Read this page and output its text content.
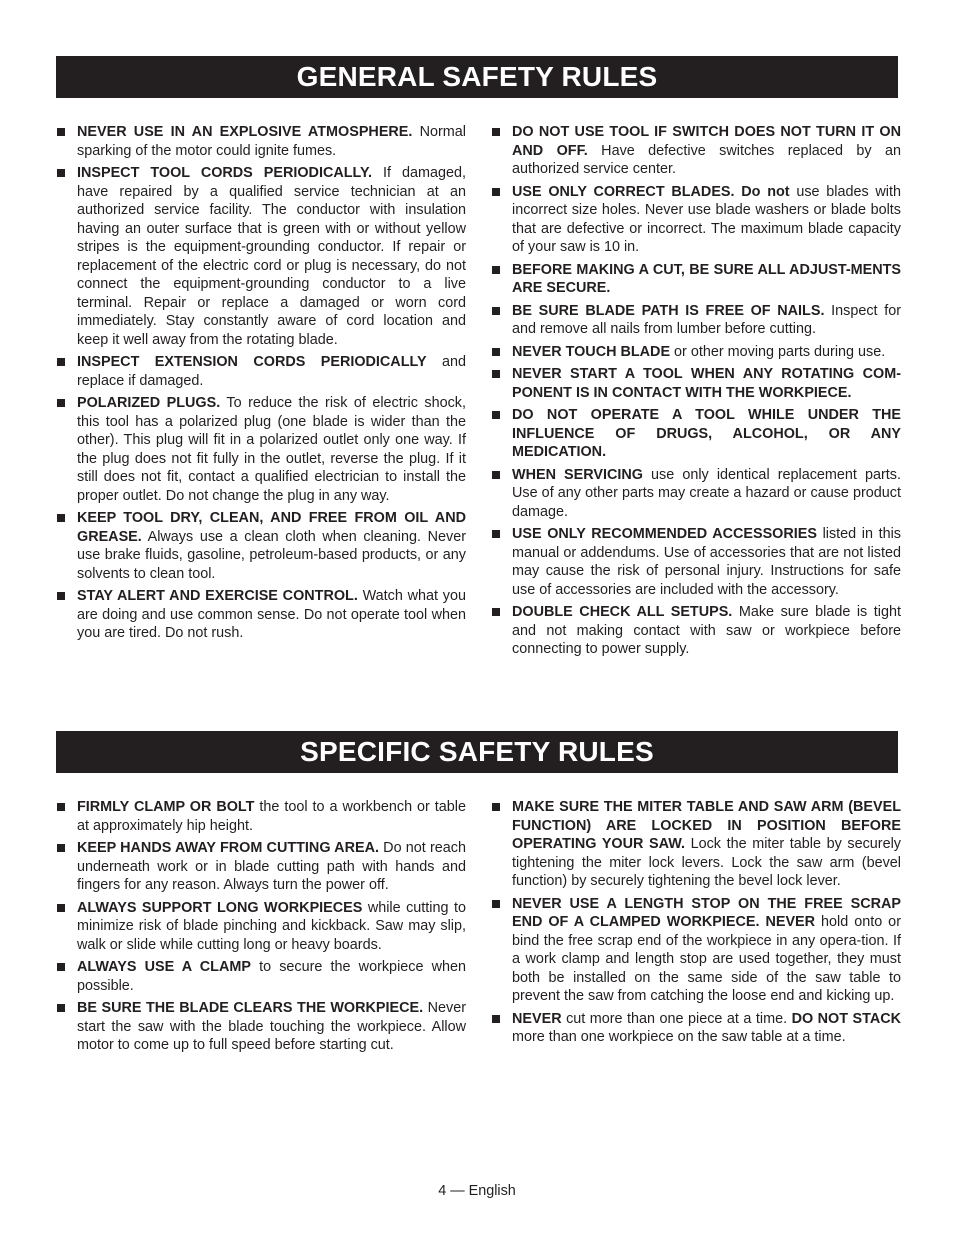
GENERAL SAFETY RULES
NEVER USE IN AN EXPLOSIVE ATMOSPHERE. Normal sparking of the motor could ignite fumes.
INSPECT TOOL CORDS PERIODICALLY. If damaged, have repaired by a qualified service technician at an authorized service facility. The conductor with insulation having an outer surface that is green with or without yellow stripes is the equipment-grounding conductor. If repair or replacement of the electric cord or plug is necessary, do not connect the equipment-grounding conductor to a live terminal. Repair or replace a damaged or worn cord immediately. Stay constantly aware of cord location and keep it well away from the rotating blade.
INSPECT EXTENSION CORDS PERIODICALLY and replace if damaged.
POLARIZED PLUGS. To reduce the risk of electric shock, this tool has a polarized plug (one blade is wider than the other). This plug will fit in a polarized outlet only one way. If the plug does not fit fully in the outlet, reverse the plug. If it still does not fit, contact a qualified electrician to install the proper outlet. Do not change the plug in any way.
KEEP TOOL DRY, CLEAN, AND FREE FROM OIL AND GREASE. Always use a clean cloth when cleaning. Never use brake fluids, gasoline, petroleum-based products, or any solvents to clean tool.
STAY ALERT AND EXERCISE CONTROL. Watch what you are doing and use common sense. Do not operate tool when you are tired. Do not rush.
DO NOT USE TOOL IF SWITCH DOES NOT TURN IT ON AND OFF. Have defective switches replaced by an authorized service center.
USE ONLY CORRECT BLADES. Do not use blades with incorrect size holes. Never use blade washers or blade bolts that are defective or incorrect. The maximum blade capacity of your saw is 10 in.
BEFORE MAKING A CUT, BE SURE ALL ADJUST-MENTS ARE SECURE.
BE SURE BLADE PATH IS FREE OF NAILS. Inspect for and remove all nails from lumber before cutting.
NEVER TOUCH BLADE or other moving parts during use.
NEVER START A TOOL WHEN ANY ROTATING COM-PONENT IS IN CONTACT WITH THE WORKPIECE.
DO NOT OPERATE A TOOL WHILE UNDER THE INFLUENCE OF DRUGS, ALCOHOL, OR ANY MEDICATION.
WHEN SERVICING use only identical replacement parts. Use of any other parts may create a hazard or cause product damage.
USE ONLY RECOMMENDED ACCESSORIES listed in this manual or addendums. Use of accessories that are not listed may cause the risk of personal injury. Instructions for safe use of accessories are included with the accessory.
DOUBLE CHECK ALL SETUPS. Make sure blade is tight and not making contact with saw or workpiece before connecting to power supply.
SPECIFIC SAFETY RULES
FIRMLY CLAMP OR BOLT the tool to a workbench or table at approximately hip height.
KEEP HANDS AWAY FROM CUTTING AREA. Do not reach underneath work or in blade cutting path with hands and fingers for any reason. Always turn the power off.
ALWAYS SUPPORT LONG WORKPIECES while cutting to minimize risk of blade pinching and kickback. Saw may slip, walk or slide while cutting long or heavy boards.
ALWAYS USE A CLAMP to secure the workpiece when possible.
BE SURE THE BLADE CLEARS THE WORKPIECE. Never start the saw with the blade touching the workpiece. Allow motor to come up to full speed before starting cut.
MAKE SURE THE MITER TABLE AND SAW ARM (BEVEL FUNCTION) ARE LOCKED IN POSITION BEFORE OPERATING YOUR SAW. Lock the miter table by securely tightening the miter lock levers. Lock the saw arm (bevel function) by securely tightening the bevel lock lever.
NEVER USE A LENGTH STOP ON THE FREE SCRAP END OF A CLAMPED WORKPIECE. NEVER hold onto or bind the free scrap end of the workpiece in any opera-tion. If a work clamp and length stop are used together, they must both be installed on the same side of the saw table to prevent the saw from catching the loose end and kicking up.
NEVER cut more than one piece at a time. DO NOT STACK more than one workpiece on the saw table at a time.
4 — English
